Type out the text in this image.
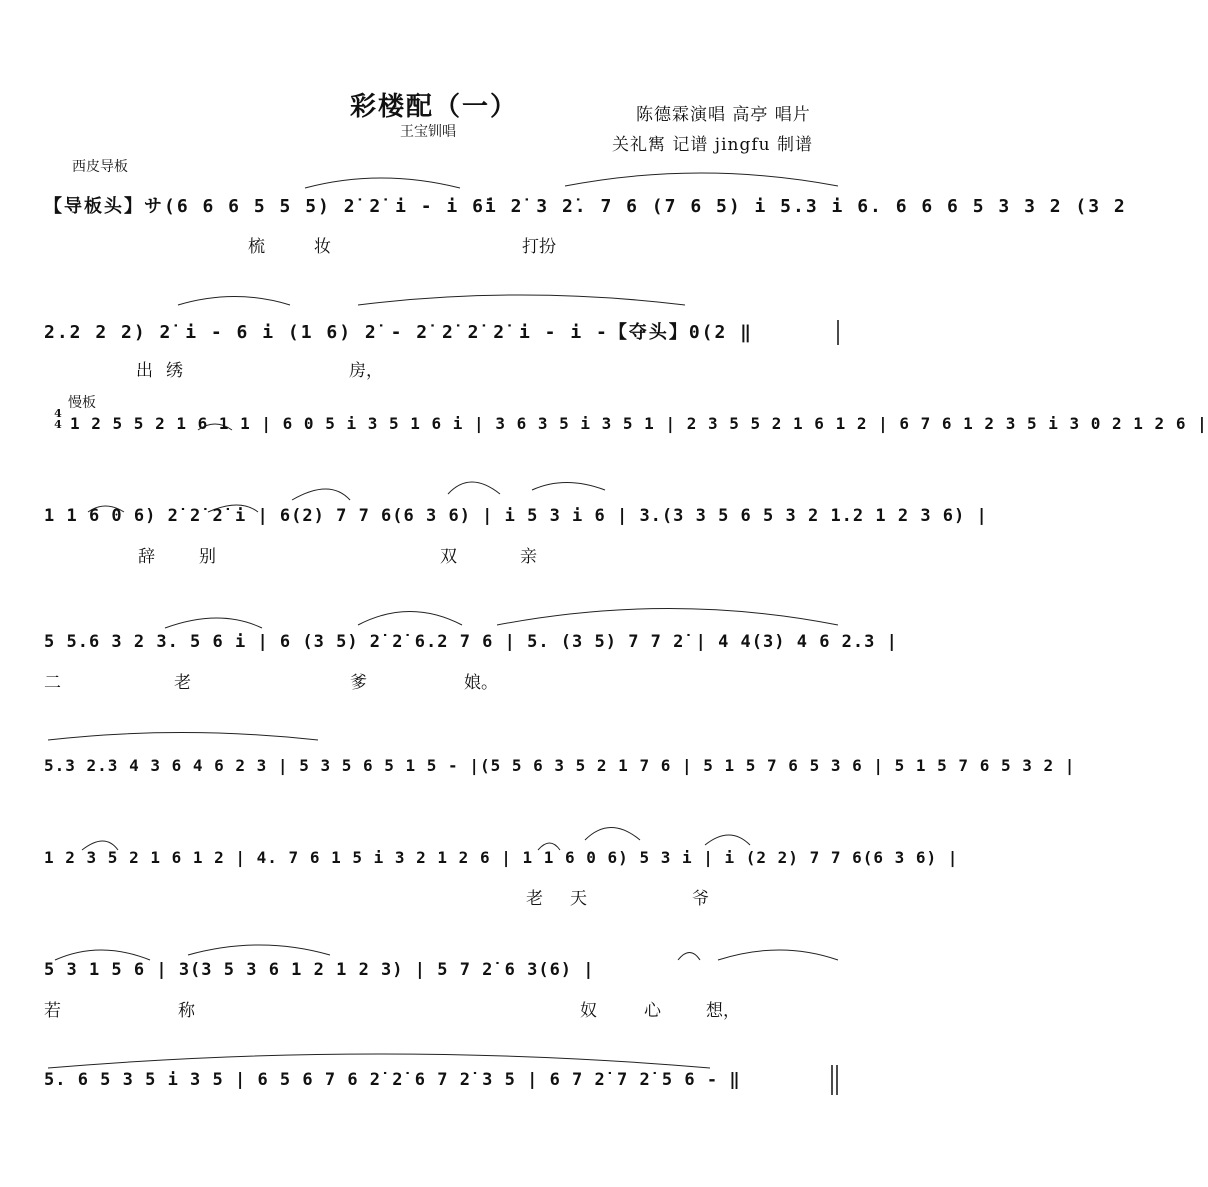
彩楼配（一）
王宝钏唱
陈德霖演唱 高亭 唱片
关礼寯 记谱 jingfu 制谱
西皮导板
慢板
4
4
【导板头】サ(6 6 6 5 5 5) 2̇ 2̇ i - i 6̇i 2̇ 3 2̇. 7 6 (7 6 5) i 5.3 i 6. 6 6 6 5 3 3 2 (3 2
梳	妆	打扮
2.2 2 2) 2̇ i - 6 i (1 6) 2̇ - 2̇ 2̇ 2̇ 2̇ i - i -【夺头】0(2 ‖
出 绣	房，
1 2 5 5 2 1 6 1 1 | 6 0 5 i 3 5 1 6 i | 3 6 3 5 i 3 5 1 | 2 3 5 5 2 1 6 1 2 | 6 7 6 1 2 3 5 i 3 0 2 1 2 6 |
1 1 6 0 6) 2̇ 2̇ 2̇ i | 6(2) 7 7 6(6 3 6) | i 5 3 i 6 | 3.(3 3 5 6 5 3 2 1.2 1 2 3 6) |
辞	别	双	亲
5 5.6 3 2 3. 5 6 i | 6 (3 5) 2̇ 2̇ 6.2 7 6 | 5. (3 5) 7 7 2̇ | 4 4(3) 4 6 2.3 |
二	老	爹	娘。
5.3 2.3 4 3 6 4 6 2 3 | 5 3 5 6 5 1 5 - |(5 5 6 3 5 2 1 7 6 | 5 1 5 7 6 5 3 6 | 5 1 5 7 6 5 3 2 |
1 2 3 5 2 1 6 1 2 | 4. 7 6 1 5 i 3 2 1 2 6 | 1 1 6 0 6) 5 3 i | i (2 2) 7 7 6(6 3 6) |
老 天	爷
5 3 1 5 6 | 3(3 5 3 6 1 2 1 2 3) | 5 7 2̇ 6 3(6) |
若	称	奴	心	想，
5. 6 5 3 5 i 3 5 | 6 5 6 7 6 2̇ 2̇ 6 7 2̇ 3 5 | 6 7 2̇ 7 2̇ 5 6 - ‖
